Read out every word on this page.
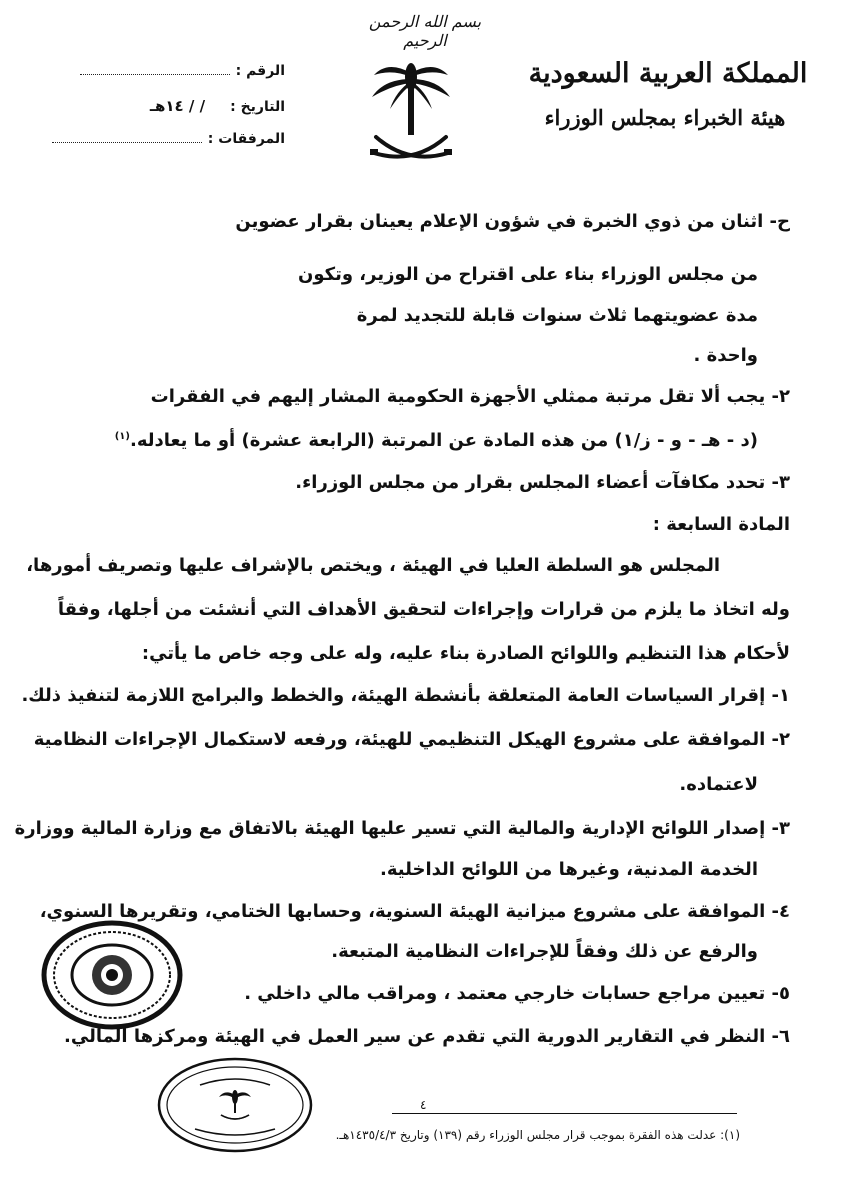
بسم الله الرحمن الرحيم
المملكة العربية السعودية
هيئة الخبراء بمجلس الوزراء
الرقم :
التاريخ :/ / ١٤هـ
المرفقات :
ح- اثنان من ذوي الخبرة في شؤون الإعلام يعينان بقرار عضوين
من مجلس الوزراء بناء على اقتراح من الوزير، وتكون
مدة عضويتهما ثلاث سنوات قابلة للتجديد لمرة
واحدة .
٢- يجب ألا تقل مرتبة ممثلي الأجهزة الحكومية المشار إليهم في الفقرات
(د - هـ - و - ز/١) من هذه المادة عن المرتبة (الرابعة عشرة) أو ما يعادله.$^{(١)}$
٣- تحدد مكافآت أعضاء المجلس بقرار من مجلس الوزراء.
المادة السابعة :
المجلس هو السلطة العليا في الهيئة ، ويختص بالإشراف عليها وتصريف أمورها،
وله اتخاذ ما يلزم من قرارات وإجراءات لتحقيق الأهداف التي أنشئت من أجلها، وفقاً
لأحكام هذا التنظيم واللوائح الصادرة بناء عليه، وله على وجه خاص ما يأتي:
١- إقرار السياسات العامة المتعلقة بأنشطة الهيئة، والخطط والبرامج اللازمة لتنفيذ ذلك.
٢- الموافقة على مشروع الهيكل التنظيمي للهيئة، ورفعه لاستكمال الإجراءات النظامية
لاعتماده.
٣- إصدار اللوائح الإدارية والمالية التي تسير عليها الهيئة بالاتفاق مع وزارة المالية ووزارة
الخدمة المدنية، وغيرها من اللوائح الداخلية.
٤- الموافقة على مشروع ميزانية الهيئة السنوية، وحسابها الختامي، وتقريرها السنوي،
والرفع عن ذلك وفقاً للإجراءات النظامية المتبعة.
٥- تعيين مراجع حسابات خارجي معتمد ، ومراقب مالي داخلي .
٦- النظر في التقارير الدورية التي تقدم عن سير العمل في الهيئة ومركزها المالي.
٤
(١): عدلت هذه الفقرة بموجب قرار مجلس الوزراء رقم (١٣٩) وتاريخ ١٤٣٥/٤/٣هـ.
